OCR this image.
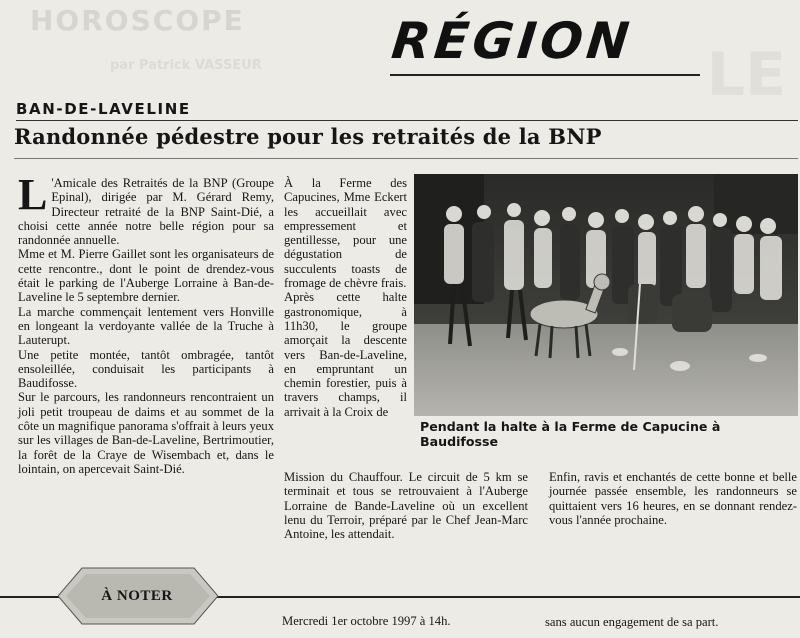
HOROSCOPE
par Patrick VASSEUR	LE
RÉGION
BAN-DE-LAVELINE
Randonnée pédestre pour les retraités de la BNP

L 'Amicale des Retraités de la BNP (Groupe Epinal), dirigée par M. Gérard Remy, Directeur retraité de la BNP Saint-Dié, a choisi cette année notre belle région pour sa randonnée annuelle.

Mme et M. Pierre Gaillet sont les organisateurs de cette rencontre., dont le point de drendez-vous était le parking de l'Auberge Lorraine à Ban-de-Laveline le 5 septembre dernier.

La marche commençait lentement vers Honville en longeant la verdoyante vallée de la Truche à Lauterupt.

Une petite montée, tantôt ombragée, tantôt ensoleillée, conduisait les participants à Baudifosse.

Sur le parcours, les randonneurs rencontraient un joli petit troupeau de daims et au sommet de la côte un magnifique panorama s'offrait à leurs yeux sur les villages de Ban-de-Laveline, Bertrimoutier, la forêt de la Craye de Wisembach et, dans le lointain, on apercevait Saint-Dié.

À la Ferme des Capucines, Mme Eckert les accueillait avec empressement et gentillesse, pour une dégustation de succulents toasts de fromage de chèvre frais.

Après cette halte gastronomique, à 11h30, le groupe amorçait la descente vers Ban-de-Laveline, en empruntant un chemin forestier, puis à travers champs, il arrivait à la Croix de

Pendant la halte à la Ferme de Capucine à Baudifosse

Mission du Chauffour. Le circuit de 5 km se terminait et tous se retrouvaient à l'Auberge Lorraine de Bande-Laveline où un excellent lenu du Terroir, préparé par le Chef Jean-Marc Antoine, les attendait.

Enfin, ravis et enchantés de cette bonne et belle journée passée ensemble, les randonneurs se quittaient vers 16 heures, en se donnant rendez-vous l'année prochaine.

À NOTER
Mercredi 1er octobre 1997 à 14h.	sans aucun engagement de sa part.
